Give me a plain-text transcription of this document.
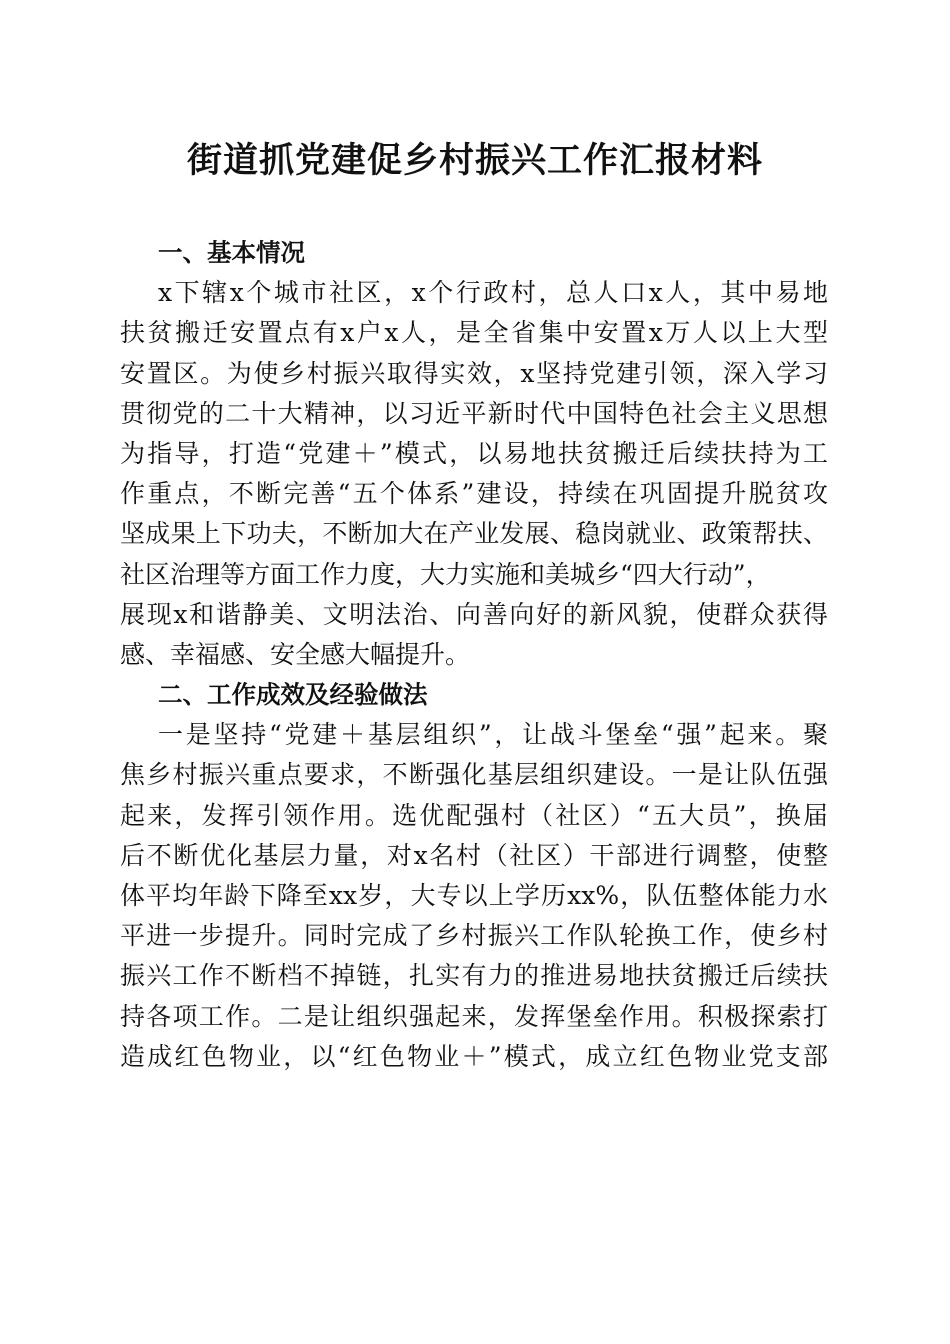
街道抓党建促乡村振兴工作汇报材料
一、基本情况

x下辖x个城市社区，x个行政村，总人口x人，其中易地
扶贫搬迁安置点有x户x人，是全省集中安置x万人以上大型
安置区。为使乡村振兴取得实效，x坚持党建引领，深入学习
贯彻党的二十大精神，以习近平新时代中国特色社会主义思想
为指导，打造“党建＋”模式，以易地扶贫搬迁后续扶持为工
作重点，不断完善“五个体系”建设，持续在巩固提升脱贫攻
坚成果上下功夫，不断加大在产业发展、稳岗就业、政策帮扶、
社区治理等方面工作力度，大力实施和美城乡“四大行动”，
展现x和谐静美、文明法治、向善向好的新风貌，使群众获得
感、幸福感、安全感大幅提升。

二、工作成效及经验做法

一是坚持“党建＋基层组织”，让战斗堡垒“强”起来。聚
焦乡村振兴重点要求，不断强化基层组织建设。一是让队伍强
起来，发挥引领作用。选优配强村（社区）“五大员”，换届
后不断优化基层力量，对x名村（社区）干部进行调整，使整
体平均年龄下降至xx岁，大专以上学历xx%，队伍整体能力水
平进一步提升。同时完成了乡村振兴工作队轮换工作，使乡村
振兴工作不断档不掉链，扎实有力的推进易地扶贫搬迁后续扶
持各项工作。二是让组织强起来，发挥堡垒作用。积极探索打
造成红色物业，以“红色物业＋”模式，成立红色物业党支部
